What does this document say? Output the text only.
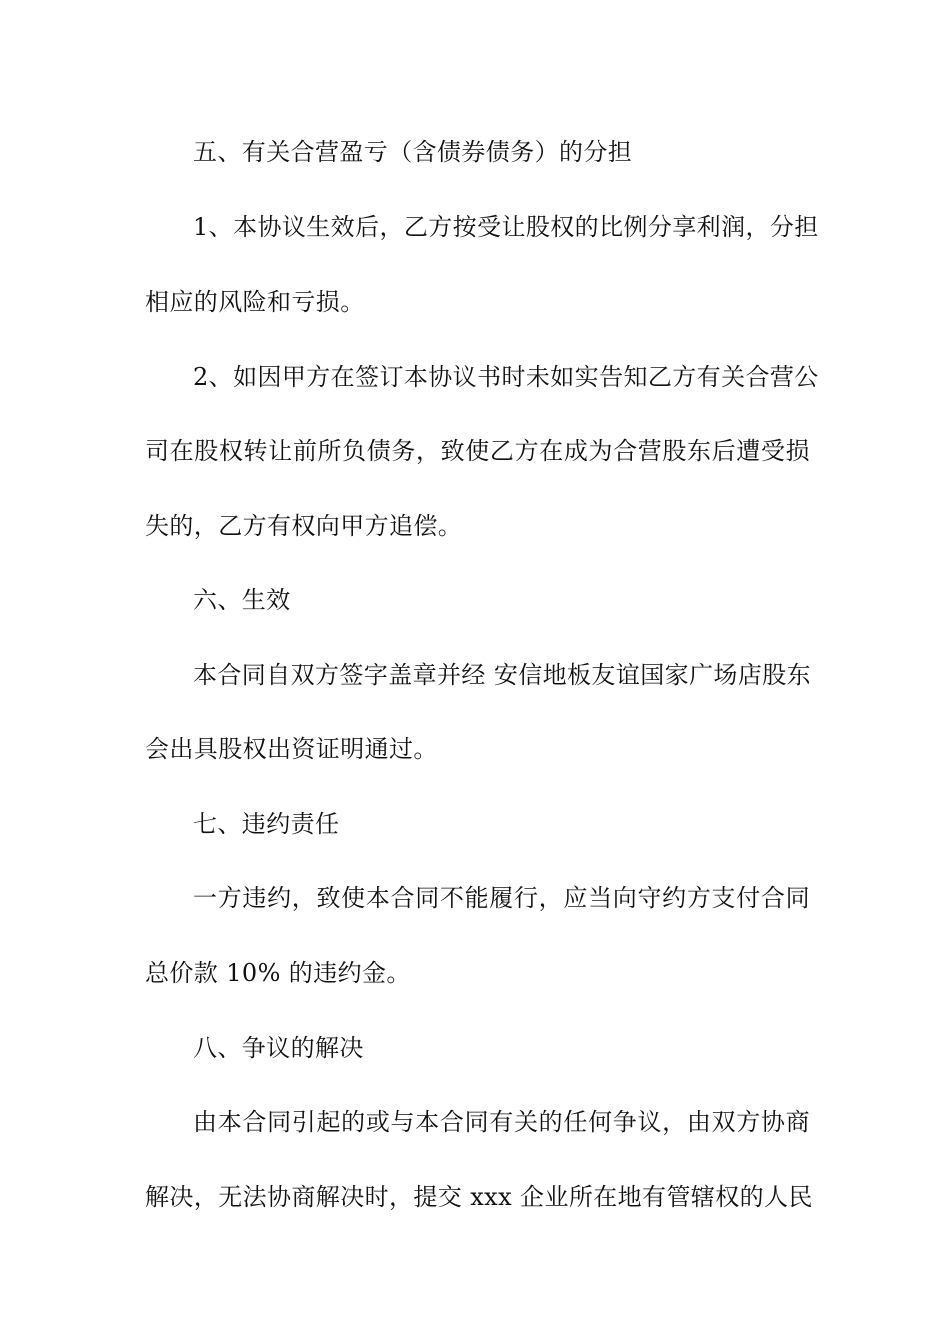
五、有关合营盈亏（含债券债务）的分担
1、本协议生效后，乙方按受让股权的比例分享利润，分担
相应的风险和亏损。
2、如因甲方在签订本协议书时未如实告知乙方有关合营公
司在股权转让前所负债务，致使乙方在成为合营股东后遭受损
失的，乙方有权向甲方追偿。
六、生效
本合同自双方签字盖章并经 安信地板友谊国家广场店股东
会出具股权出资证明通过。
七、违约责任
一方违约，致使本合同不能履行，应当向守约方支付合同
总价款 10% 的违约金。
八、争议的解决
由本合同引起的或与本合同有关的任何争议，由双方协商
解决，无法协商解决时，提交 xxx 企业所在地有管辖权的人民
